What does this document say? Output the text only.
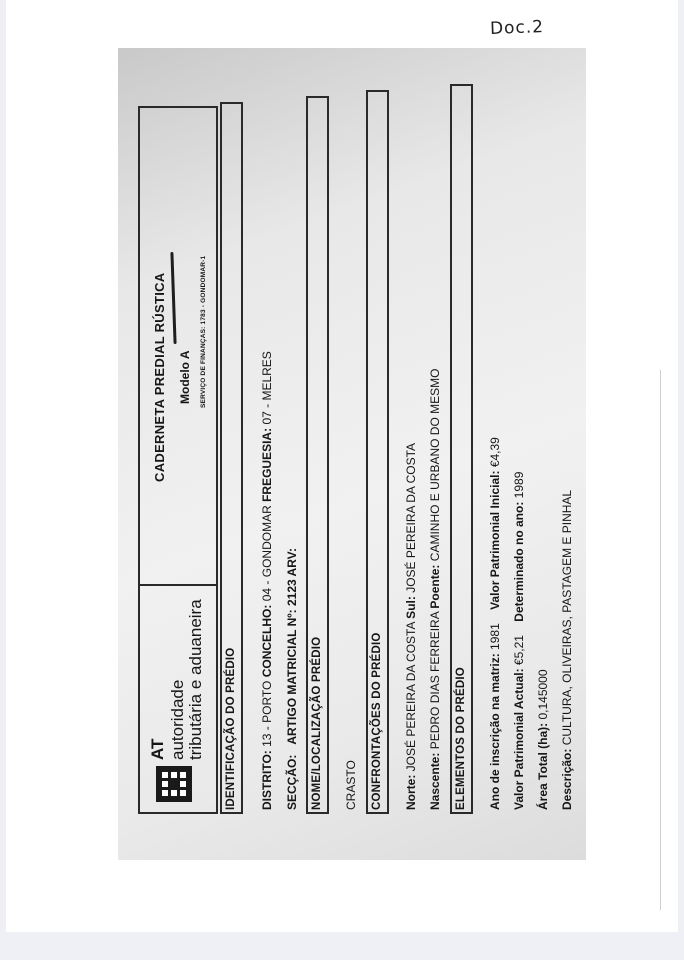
Doc.2
AT autoridade tributária e aduaneira
CADERNETA PREDIAL RÚSTICA Modelo A SERVIÇO DE FINANÇAS: 1783 - GONDOMAR-1
IDENTIFICAÇÃO DO PRÉDIO DISTRITO: 13 - PORTO CONCELHO: 04 - GONDOMAR FREGUESIA: 07 - MELRES
SECÇÃO:   ARTIGO MATRICIAL Nº: 2123 ARV:
NOME/LOCALIZAÇÃO PRÉDIO CRASTO CONFRONTAÇÕES DO PRÉDIO Norte: JOSÉ PEREIRA DA COSTA Sul: JOSÉ PEREIRA DA COSTA
Nascente: PEDRO DIAS FERREIRA Poente: CAMINHO E URBANO DO MESMO
ELEMENTOS DO PRÉDIO Ano de inscrição na matriz: 1981    Valor Patrimonial Inicial: €4,39
Valor Patrimonial Actual: €5,21    Determinado no ano: 1989
Área Total (ha): 0,145000
Descrição: CULTURA, OLIVEIRAS, PASTAGEM E PINHAL
